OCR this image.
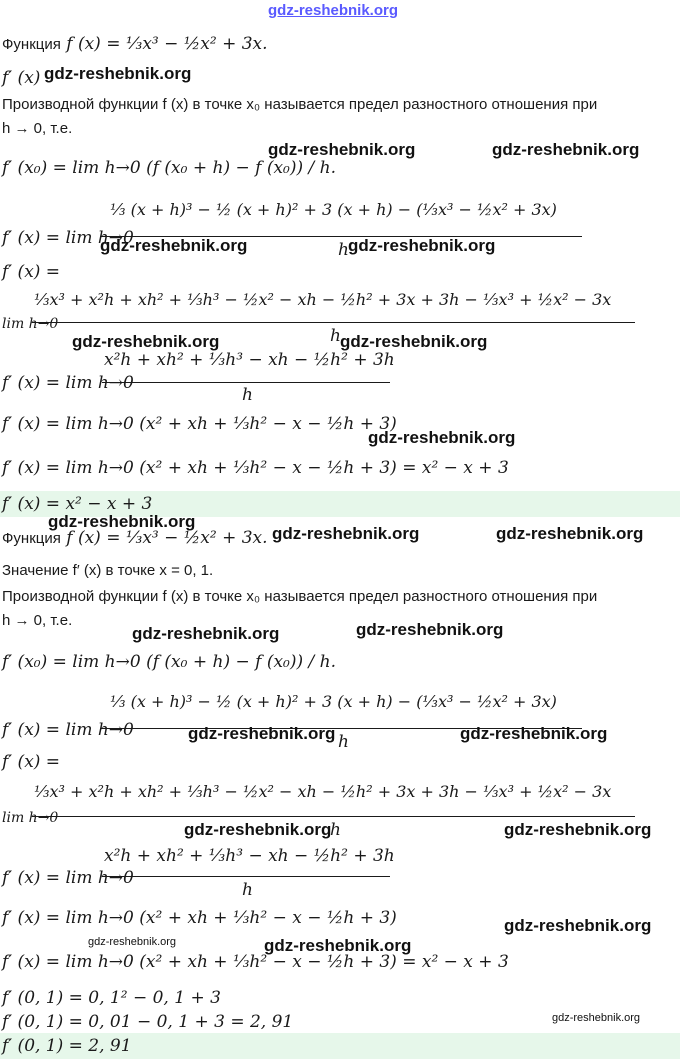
gdz-reshebnik.org
Функция f (x) = ⅓x³ − ½x² + 3x.
f′ (x)
Производной функции f (x) в точке x₀ называется предел разностного отношения при
h → 0, т.е.
f′ (x₀) = lim h→0 (f (x₀ + h) − f (x₀)) / h.
⅓ (x + h)³ − ½ (x + h)² + 3 (x + h) − (⅓x³ − ½x² + 3x)
f′ (x) = lim h→0
h
f′ (x) =
⅓x³ + x²h + xh² + ⅓h³ − ½x² − xh − ½h² + 3x + 3h − ⅓x³ + ½x² − 3x
lim h→0
h
x²h + xh² + ⅓h³ − xh − ½h² + 3h
f′ (x) = lim h→0
h
f′ (x) = lim h→0 (x² + xh + ⅓h² − x − ½h + 3)
f′ (x) = lim h→0 (x² + xh + ⅓h² − x − ½h + 3) = x² − x + 3
f′ (x) = x² − x + 3
Функция f (x) = ⅓x³ − ½x² + 3x.
Значение f′ (x) в точке x = 0, 1.
Производной функции f (x) в точке x₀ называется предел разностного отношения при
h → 0, т.е.
f′ (x₀) = lim h→0 (f (x₀ + h) − f (x₀)) / h.
⅓ (x + h)³ − ½ (x + h)² + 3 (x + h) − (⅓x³ − ½x² + 3x)
f′ (x) = lim h→0
h
f′ (x) =
⅓x³ + x²h + xh² + ⅓h³ − ½x² − xh − ½h² + 3x + 3h − ⅓x³ + ½x² − 3x
lim h→0
h
x²h + xh² + ⅓h³ − xh − ½h² + 3h
f′ (x) = lim h→0
h
f′ (x) = lim h→0 (x² + xh + ⅓h² − x − ½h + 3)
f′ (x) = lim h→0 (x² + xh + ⅓h² − x − ½h + 3) = x² − x + 3
f′ (0, 1) = 0, 1² − 0, 1 + 3
f′ (0, 1) = 0, 01 − 0, 1 + 3 = 2, 91
f′ (0, 1) = 2, 91
gdz-reshebnik.org
gdz-reshebnik.org	gdz-reshebnik.org
gdz-reshebnik.org	gdz-reshebnik.org
gdz-reshebnik.org	gdz-reshebnik.org
gdz-reshebnik.org
gdz-reshebnik.org
gdz-reshebnik.org	gdz-reshebnik.org
gdz-reshebnik.org	gdz-reshebnik.org
gdz-reshebnik.org	gdz-reshebnik.org
gdz-reshebnik.org	gdz-reshebnik.org
gdz-reshebnik.org
gdz-reshebnik.org	gdz-reshebnik.org
gdz-reshebnik.org
